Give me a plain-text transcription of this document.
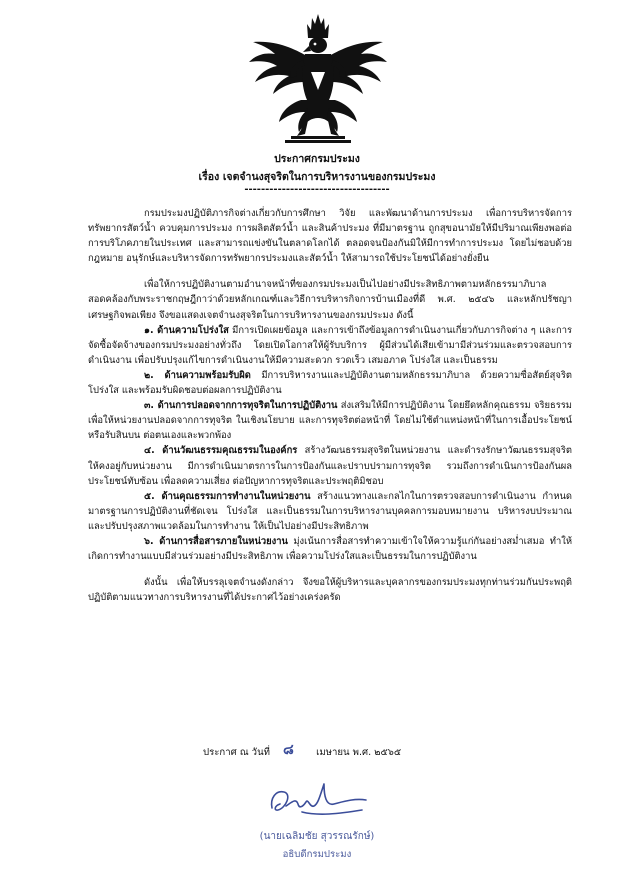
ประกาศกรมประมง
เรื่อง เจตจำนงสุจริตในการบริหารงานของกรมประมง
-----------------------------------

กรมประมงปฏิบัติภารกิจต่างเกี่ยวกับการศึกษา วิจัย และพัฒนาด้านการประมง เพื่อการบริหารจัดการทรัพยากรสัตว์น้ำ ควบคุมการประมง การผลิตสัตว์น้ำ และสินค้าประมง ที่มีมาตรฐาน ถูกสุขอนามัยให้มีปริมาณเพียงพอต่อการบริโภคภายในประเทศ และสามารถแข่งขันในตลาดโลกได้ ตลอดจนป้องกันมิให้มีการทำการประมง โดยไม่ชอบด้วยกฎหมาย อนุรักษ์และบริหารจัดการทรัพยากรประมงและสัตว์น้ำ ให้สามารถใช้ประโยชน์ได้อย่างยั่งยืน

เพื่อให้การปฏิบัติงานตามอำนาจหน้าที่ของกรมประมงเป็นไปอย่างมีประสิทธิภาพตามหลักธรรมาภิบาล สอดคล้องกับพระราชกฤษฎีกาว่าด้วยหลักเกณฑ์และวิธีการบริหารกิจการบ้านเมืองที่ดี พ.ศ. ๒๕๔๖ และหลักปรัชญาเศรษฐกิจพอเพียง จึงขอแสดงเจตจำนงสุจริตในการบริหารงานของกรมประมง ดังนี้

๑. ด้านความโปร่งใส มีการเปิดเผยข้อมูล และการเข้าถึงข้อมูลการดำเนินงานเกี่ยวกับภารกิจต่าง ๆ และการจัดซื้อจัดจ้างของกรมประมงอย่างทั่วถึง โดยเปิดโอกาสให้ผู้รับบริการ ผู้มีส่วนได้เสียเข้ามามีส่วนร่วมและตรวจสอบการดำเนินงาน เพื่อปรับปรุงแก้ไขการดำเนินงานให้มีความสะดวก รวดเร็ว เสมอภาค โปร่งใส และเป็นธรรม

๒. ด้านความพร้อมรับผิด มีการบริหารงานและปฏิบัติงานตามหลักธรรมาภิบาล ด้วยความซื่อสัตย์สุจริต โปร่งใส และพร้อมรับผิดชอบต่อผลการปฏิบัติงาน

๓. ด้านการปลอดจากการทุจริตในการปฏิบัติงาน ส่งเสริมให้มีการปฏิบัติงาน โดยยึดหลักคุณธรรม จริยธรรม เพื่อให้หน่วยงานปลอดจากการทุจริต ในเชิงนโยบาย และการทุจริตต่อหน้าที่ โดยไม่ใช้ตำแหน่งหน้าที่ในการเอื้อประโยชน์ หรือรับสินบน ต่อตนเองและพวกพ้อง

๔. ด้านวัฒนธรรมคุณธรรมในองค์กร สร้างวัฒนธรรมสุจริตในหน่วยงาน และดำรงรักษาวัฒนธรรมสุจริต ให้คงอยู่กับหน่วยงาน มีการดำเนินมาตรการในการป้องกันและปราบปรามการทุจริต รวมถึงการดำเนินการป้องกันผลประโยชน์ทับซ้อน เพื่อลดความเสี่ยง ต่อปัญหาการทุจริตและประพฤติมิชอบ

๕. ด้านคุณธรรมการทำงานในหน่วยงาน สร้างแนวทางและกลไกในการตรวจสอบการดำเนินงาน กำหนดมาตรฐานการปฏิบัติงานที่ชัดเจน โปร่งใส และเป็นธรรมในการบริหารงานบุคคลการมอบหมายงาน บริหารงบประมาณ และปรับปรุงสภาพแวดล้อมในการทำงาน ให้เป็นไปอย่างมีประสิทธิภาพ

๖. ด้านการสื่อสารภายในหน่วยงาน มุ่งเน้นการสื่อสารทำความเข้าใจให้ความรู้แก่กันอย่างสม่ำเสมอ ทำให้เกิดการทำงานแบบมีส่วนร่วมอย่างมีประสิทธิภาพ เพื่อความโปร่งใสและเป็นธรรมในการปฏิบัติงาน

ดังนั้น เพื่อให้บรรลุเจตจำนงดังกล่าว จึงขอให้ผู้บริหารและบุคลากรของกรมประมงทุกท่านร่วมกันประพฤติปฏิบัติตามแนวทางการบริหารงานที่ได้ประกาศไว้อย่างเคร่งครัด

ประกาศ ณ วันที่	เมษายน พ.ศ. ๒๕๖๕
๘
(นายเฉลิมชัย สุวรรณรักษ์)
อธิบดีกรมประมง
